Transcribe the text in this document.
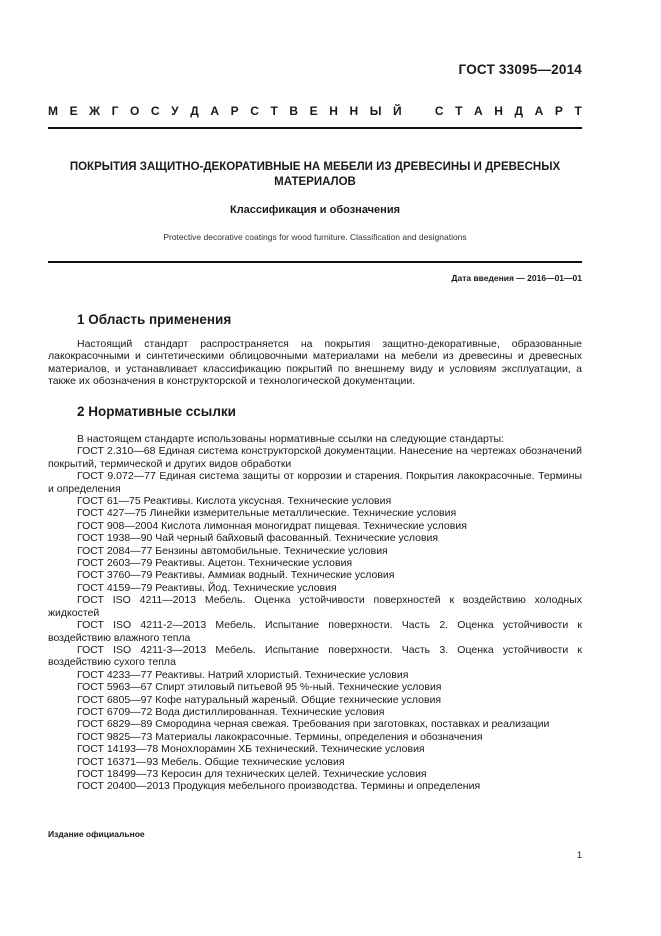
ГОСТ 33095—2014
М Е Ж Г О С У Д А Р С Т В Е Н Н Ы Й	С Т А Н Д А Р Т
ПОКРЫТИЯ ЗАЩИТНО-ДЕКОРАТИВНЫЕ НА МЕБЕЛИ ИЗ ДРЕВЕСИНЫ И ДРЕВЕСНЫХ МАТЕРИАЛОВ
Классификация и обозначения
Protective decorative coatings for wood furniture. Classification and designations
Дата введения — 2016—01—01
1 Область применения
Настоящий стандарт распространяется на покрытия защитно-декоративные, образованные лакокрасочными и синтетическими облицовочными материалами на мебели из древесины и древесных материалов, и устанавливает классификацию покрытий по внешнему виду и условиям эксплуатации, а также их обозначения в конструкторской и технологической документации.
2 Нормативные ссылки
В настоящем стандарте использованы нормативные ссылки на следующие стандарты:
ГОСТ 2.310—68 Единая система конструкторской документации. Нанесение на чертежах обозначений покрытий, термической и других видов обработки
ГОСТ 9.072—77 Единая система защиты от коррозии и старения. Покрытия лакокрасочные. Термины и определения
ГОСТ 61—75 Реактивы. Кислота уксусная. Технические условия
ГОСТ 427—75 Линейки измерительные металлические. Технические условия
ГОСТ 908—2004 Кислота лимонная моногидрат пищевая. Технические условия
ГОСТ 1938—90 Чай черный байховый фасованный. Технические условия
ГОСТ 2084—77 Бензины автомобильные. Технические условия
ГОСТ 2603—79 Реактивы. Ацетон. Технические условия
ГОСТ 3760—79 Реактивы. Аммиак водный. Технические условия
ГОСТ 4159—79 Реактивы. Йод. Технические условия
ГОСТ ISO 4211—2013 Мебель. Оценка устойчивости поверхностей к воздействию холодных жидкостей
ГОСТ ISO 4211-2—2013 Мебель. Испытание поверхности. Часть 2. Оценка устойчивости к воздействию влажного тепла
ГОСТ ISO 4211-3—2013 Мебель. Испытание поверхности. Часть 3. Оценка устойчивости к воздействию сухого тепла
ГОСТ 4233—77 Реактивы. Натрий хлористый. Технические условия
ГОСТ 5963—67 Спирт этиловый питьевой 95 %-ный. Технические условия
ГОСТ 6805—97 Кофе натуральный жареный. Общие технические условия
ГОСТ 6709—72 Вода дистиллированная. Технические условия
ГОСТ 6829—89 Смородина черная свежая. Требования при заготовках, поставках и реализации
ГОСТ 9825—73 Материалы лакокрасочные. Термины, определения и обозначения
ГОСТ 14193—78 Монохлорамин ХБ технический. Технические условия
ГОСТ 16371—93 Мебель. Общие технические условия
ГОСТ 18499—73 Керосин для технических целей. Технические условия
ГОСТ 20400—2013 Продукция мебельного производства. Термины и определения
Издание официальное
1
